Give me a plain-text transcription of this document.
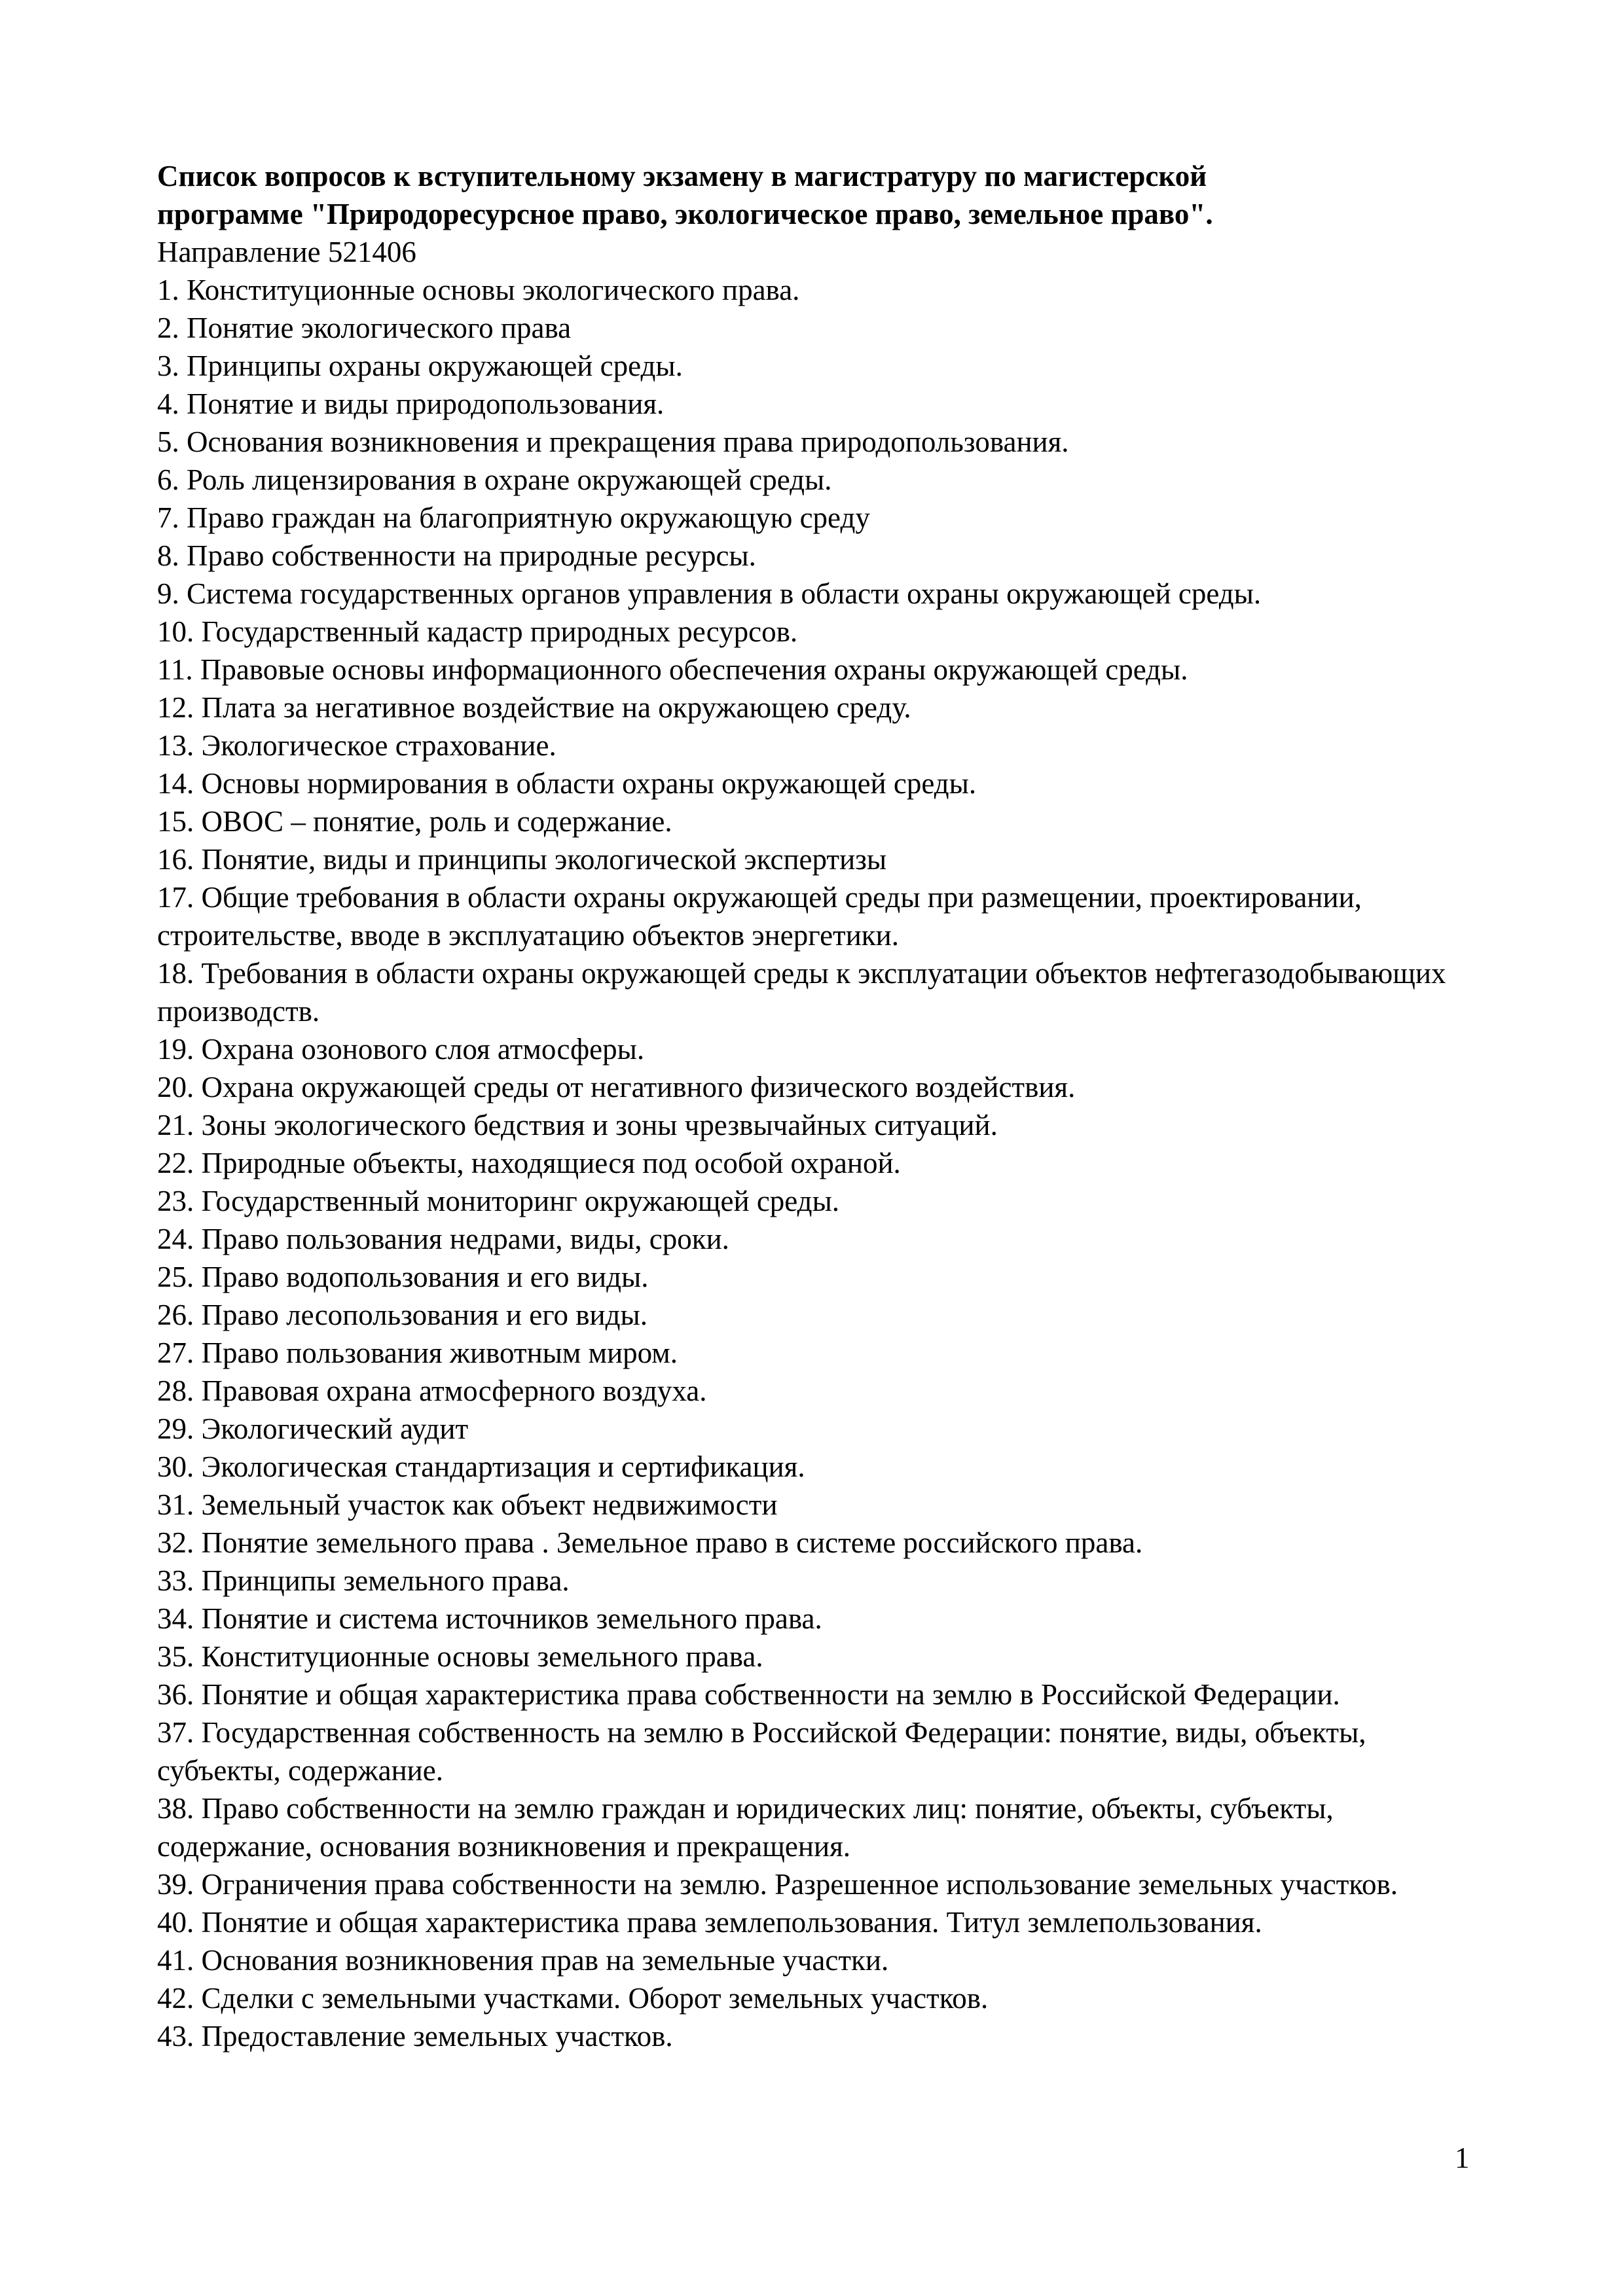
Список вопросов к вступительному экзамену в магистратуру по магистерской
программе "Природоресурсное право, экологическое право, земельное право".

Направление 521406

1. Конституционные основы экологического права.
2. Понятие экологического права
3. Принципы охраны окружающей среды.
4. Понятие и виды природопользования.
5. Основания возникновения и прекращения права природопользования.
6. Роль лицензирования в охране окружающей среды.
7. Право граждан на благоприятную окружающую среду
8. Право собственности на природные ресурсы.
9. Система государственных органов управления в области охраны окружающей среды.
10. Государственный кадастр природных ресурсов.
11. Правовые основы информационного обеспечения охраны окружающей среды.
12. Плата за негативное воздействие на окружающею среду.
13. Экологическое страхование.
14. Основы нормирования в области охраны окружающей среды.
15. ОВОС – понятие, роль и содержание.
16. Понятие, виды и принципы экологической экспертизы
17. Общие требования в области охраны окружающей среды при размещении, проектировании, строительстве, вводе в эксплуатацию объектов энергетики.
18. Требования в области охраны окружающей среды к эксплуатации объектов нефтегазодобывающих производств.
19. Охрана озонового слоя атмосферы.
20. Охрана окружающей среды от негативного физического воздействия.
21. Зоны экологического бедствия и зоны чрезвычайных ситуаций.
22. Природные объекты, находящиеся под особой охраной.
23. Государственный мониторинг окружающей среды.
24. Право пользования недрами, виды, сроки.
25. Право водопользования и его виды.
26. Право лесопользования и его виды.
27. Право пользования животным миром.
28. Правовая охрана атмосферного воздуха.
29. Экологический аудит
30. Экологическая стандартизация и сертификация.
31. Земельный участок как объект недвижимости
32. Понятие земельного права . Земельное право в системе российского права.
33. Принципы земельного права.
34. Понятие и система источников земельного права.
35. Конституционные основы земельного права.
36. Понятие и общая характеристика права собственности на землю в Российской Федерации.
37. Государственная собственность на землю в Российской Федерации: понятие, виды, объекты, субъекты, содержание.
38. Право собственности на землю граждан и юридических лиц: понятие, объекты, субъекты, содержание, основания возникновения и прекращения.
39. Ограничения права собственности на землю. Разрешенное использование земельных участков.
40. Понятие и общая характеристика права землепользования. Титул землепользования.
41. Основания возникновения прав на земельные участки.
42. Сделки с земельными участками. Оборот земельных участков.
43. Предоставление земельных участков.
1
